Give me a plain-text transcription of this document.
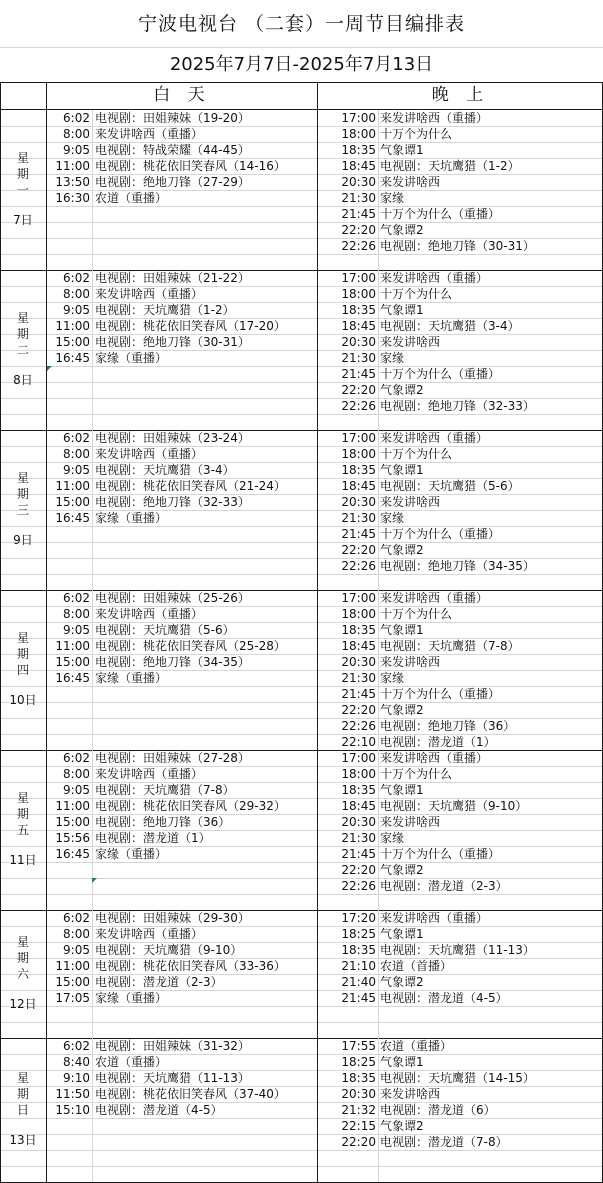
宁波电视台 （二套）一周节目编排表
2025年7月7日-2025年7月13日
白 天	晚 上
星
期
一
7日
6:02 电视剧：田姐辣妹（19-20）
8:00 来发讲啥西（重播）
9:05 电视剧：特战荣耀（44-45）
11:00 电视剧：桃花依旧笑春风（14-16）
13:50 电视剧：绝地刀锋（27-29）
16:30 农道（重播）
17:00 来发讲啥西（重播）
18:00 十万个为什么
18:35 气象谭1
18:45 电视剧：天坑鹰猎（1-2）
20:30 来发讲啥西
21:30 家缘
21:45 十万个为什么（重播）
22:20 气象谭2
22:26 电视剧：绝地刀锋（30-31）
星
期
二
8日
6:02 电视剧：田姐辣妹（21-22）
8:00 来发讲啥西（重播）
9:05 电视剧：天坑鹰猎（1-2）
11:00 电视剧：桃花依旧笑春风（17-20）
15:00 电视剧：绝地刀锋（30-31）
16:45 家缘（重播）
17:00 来发讲啥西（重播）
18:00 十万个为什么
18:35 气象谭1
18:45 电视剧：天坑鹰猎（3-4）
20:30 来发讲啥西
21:30 家缘
21:45 十万个为什么（重播）
22:20 气象谭2
22:26 电视剧：绝地刀锋（32-33）
星
期
三
9日
6:02 电视剧：田姐辣妹（23-24）
8:00 来发讲啥西（重播）
9:05 电视剧：天坑鹰猎（3-4）
11:00 电视剧：桃花依旧笑春风（21-24）
15:00 电视剧：绝地刀锋（32-33）
16:45 家缘（重播）
17:00 来发讲啥西（重播）
18:00 十万个为什么
18:35 气象谭1
18:45 电视剧：天坑鹰猎（5-6）
20:30 来发讲啥西
21:30 家缘
21:45 十万个为什么（重播）
22:20 气象谭2
22:26 电视剧：绝地刀锋（34-35）
星
期
四
10日
6:02 电视剧：田姐辣妹（25-26）
8:00 来发讲啥西（重播）
9:05 电视剧：天坑鹰猎（5-6）
11:00 电视剧：桃花依旧笑春风（25-28）
15:00 电视剧：绝地刀锋（34-35）
16:45 家缘（重播）
17:00 来发讲啥西（重播）
18:00 十万个为什么
18:35 气象谭1
18:45 电视剧：天坑鹰猎（7-8）
20:30 来发讲啥西
21:30 家缘
21:45 十万个为什么（重播）
22:20 气象谭2
22:26 电视剧：绝地刀锋（36）
22:10 电视剧：潜龙道（1）
星
期
五
11日
6:02 电视剧：田姐辣妹（27-28）
8:00 来发讲啥西（重播）
9:05 电视剧：天坑鹰猎（7-8）
11:00 电视剧：桃花依旧笑春风（29-32）
15:00 电视剧：绝地刀锋（36）
15:56 电视剧：潜龙道（1）
16:45 家缘（重播）
17:00 来发讲啥西（重播）
18:00 十万个为什么
18:35 气象谭1
18:45 电视剧：天坑鹰猎（9-10）
20:30 来发讲啥西
21:30 家缘
21:45 十万个为什么（重播）
22:20 气象谭2
22:26 电视剧：潜龙道（2-3）
星
期
六
12日
6:02 电视剧：田姐辣妹（29-30）
8:00 来发讲啥西（重播）
9:05 电视剧：天坑鹰猎（9-10）
11:00 电视剧：桃花依旧笑春风（33-36）
15:00 电视剧：潜龙道（2-3）
17:05 家缘（重播）
17:20 来发讲啥西（重播）
18:25 气象谭1
18:35 电视剧：天坑鹰猎（11-13）
21:10 农道（首播）
21:40 气象谭2
21:45 电视剧：潜龙道（4-5）
星
期
日
13日
6:02 电视剧：田姐辣妹（31-32）
8:40 农道（重播）
9:10 电视剧：天坑鹰猎（11-13）
11:50 电视剧：桃花依旧笑春风（37-40）
15:10 电视剧：潜龙道（4-5）
17:55 农道（重播）
18:25 气象谭1
18:35 电视剧：天坑鹰猎（14-15）
20:30 来发讲啥西
21:32 电视剧：潜龙道（6）
22:15 气象谭2
22:20 电视剧：潜龙道（7-8）
